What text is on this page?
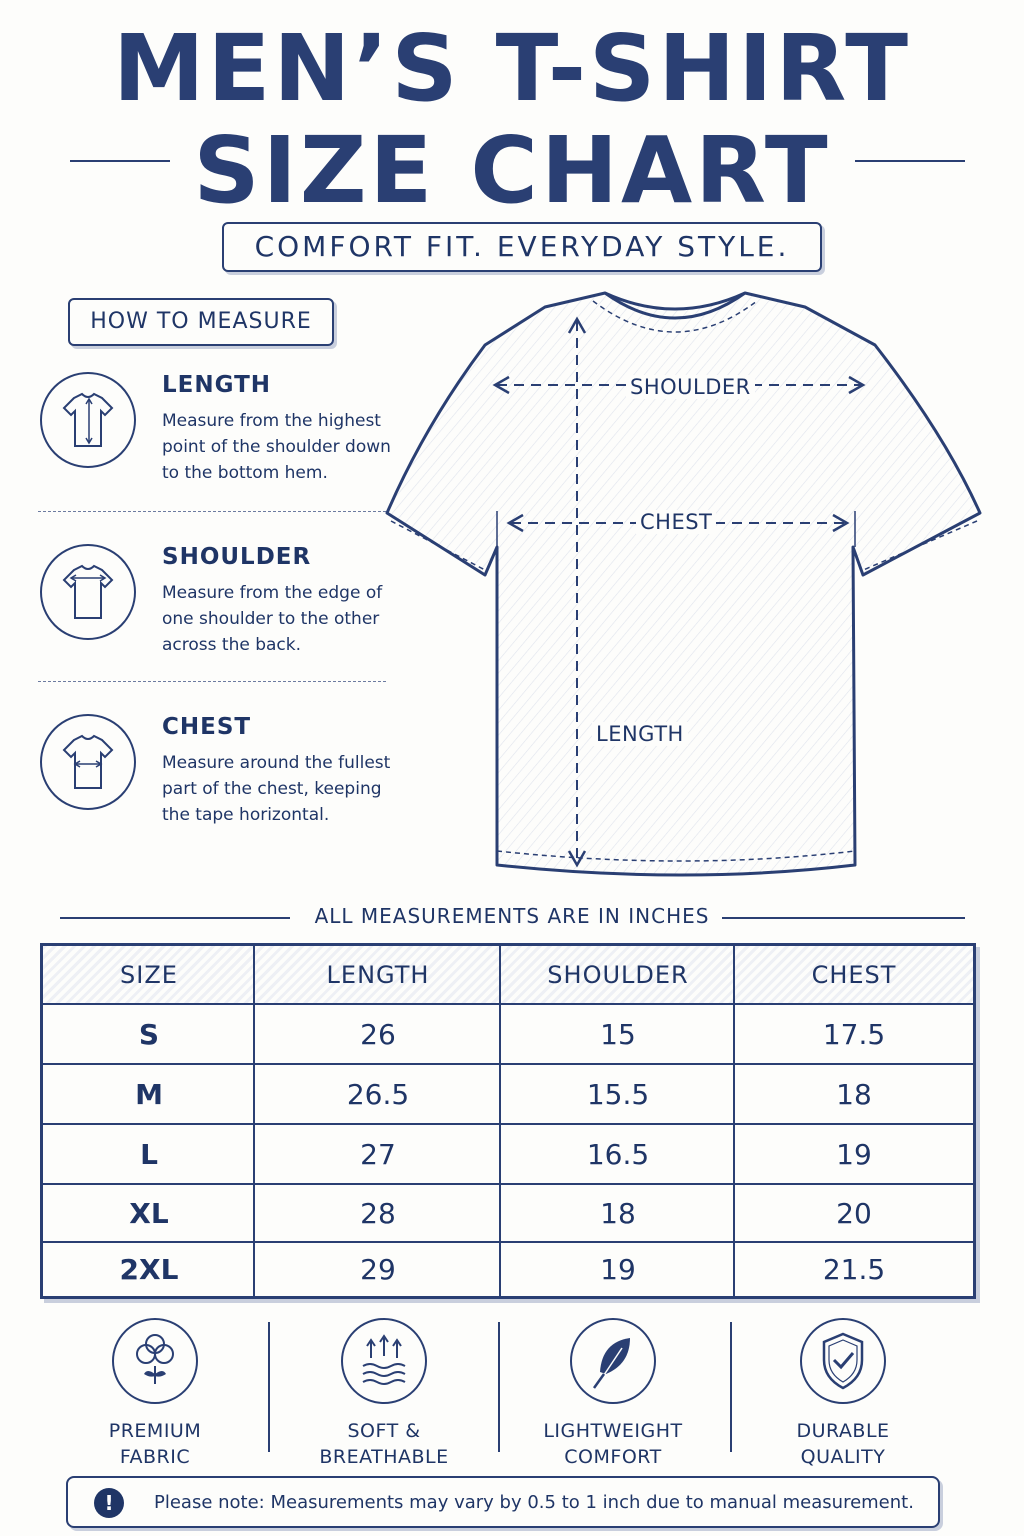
MEN’S T-SHIRT
SIZE CHART
COMFORT FIT. EVERYDAY STYLE.
HOW TO MEASURE
LENGTH
Measure from the highest point of the shoulder down to the bottom hem.
SHOULDER
Measure from the edge of one shoulder to the other across the back.
CHEST
Measure around the fullest part of the chest, keeping the tape horizontal.
SHOULDER
CHEST
LENGTH
ALL MEASUREMENTS ARE IN INCHES
SIZE	LENGTH	SHOULDER	CHEST
S	26	15	17.5
M	26.5	15.5	18
L	27	16.5	19
XL	28	18	20
2XL	29	19	21.5
PREMIUM
FABRIC
SOFT &
BREATHABLE
LIGHTWEIGHT
COMFORT
DURABLE
QUALITY
!	Please note: Measurements may vary by 0.5 to 1 inch due to manual measurement.
